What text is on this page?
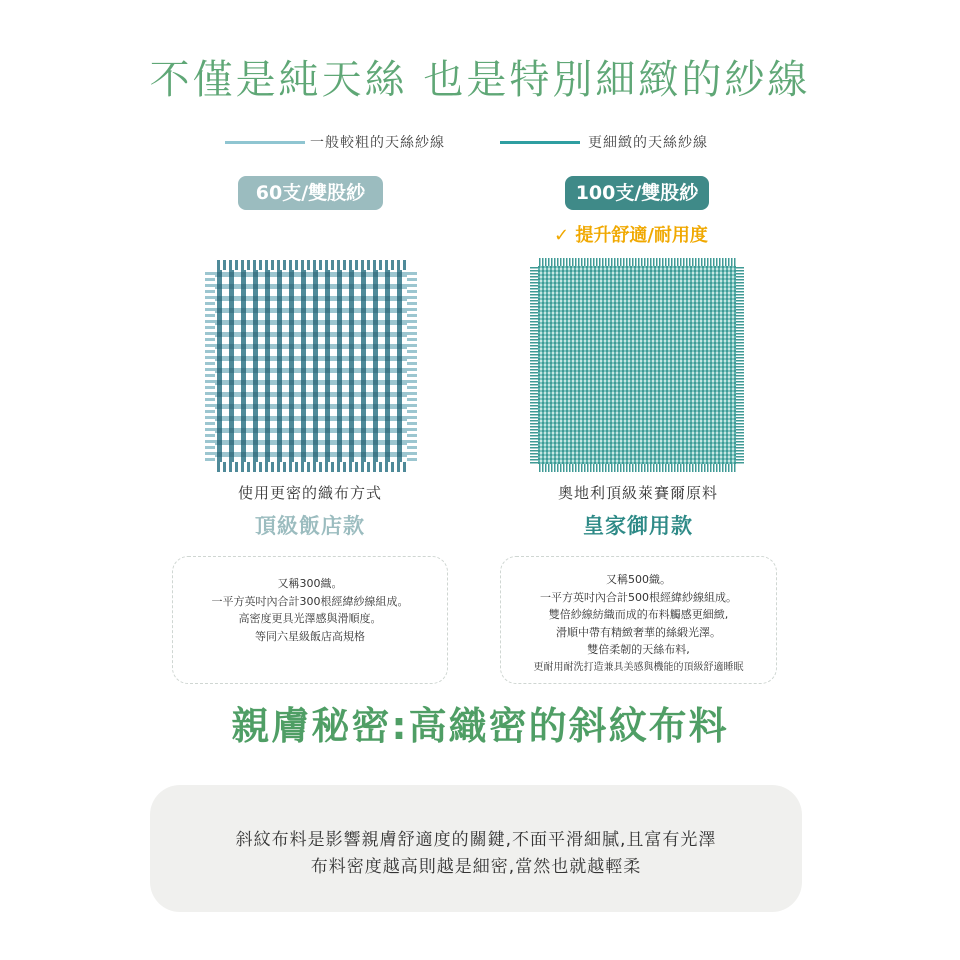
不僅是純天絲 也是特別細緻的紗線
一般較粗的天絲紗線	更細緻的天絲紗線
60支/雙股紗	100支/雙股紗
✓ 提升舒適/耐用度
使用更密的織布方式
頂級飯店款
奧地利頂級萊賽爾原料
皇家御用款
又稱300織。
一平方英吋內合計300根經緯紗線組成。
高密度更具光澤感與滑順度。
等同六星級飯店高規格
又稱500織。
一平方英吋內合計500根經緯紗線組成。
雙倍紗線紡織而成的布料觸感更細緻,
滑順中帶有精緻奢華的絲緞光澤。
雙倍柔韌的天絲布料,
更耐用耐洗打造兼具美感與機能的頂級舒適睡眠
親膚秘密:高織密的斜紋布料
斜紋布料是影響親膚舒適度的關鍵,不面平滑細膩,且富有光澤
布料密度越高則越是細密,當然也就越輕柔
